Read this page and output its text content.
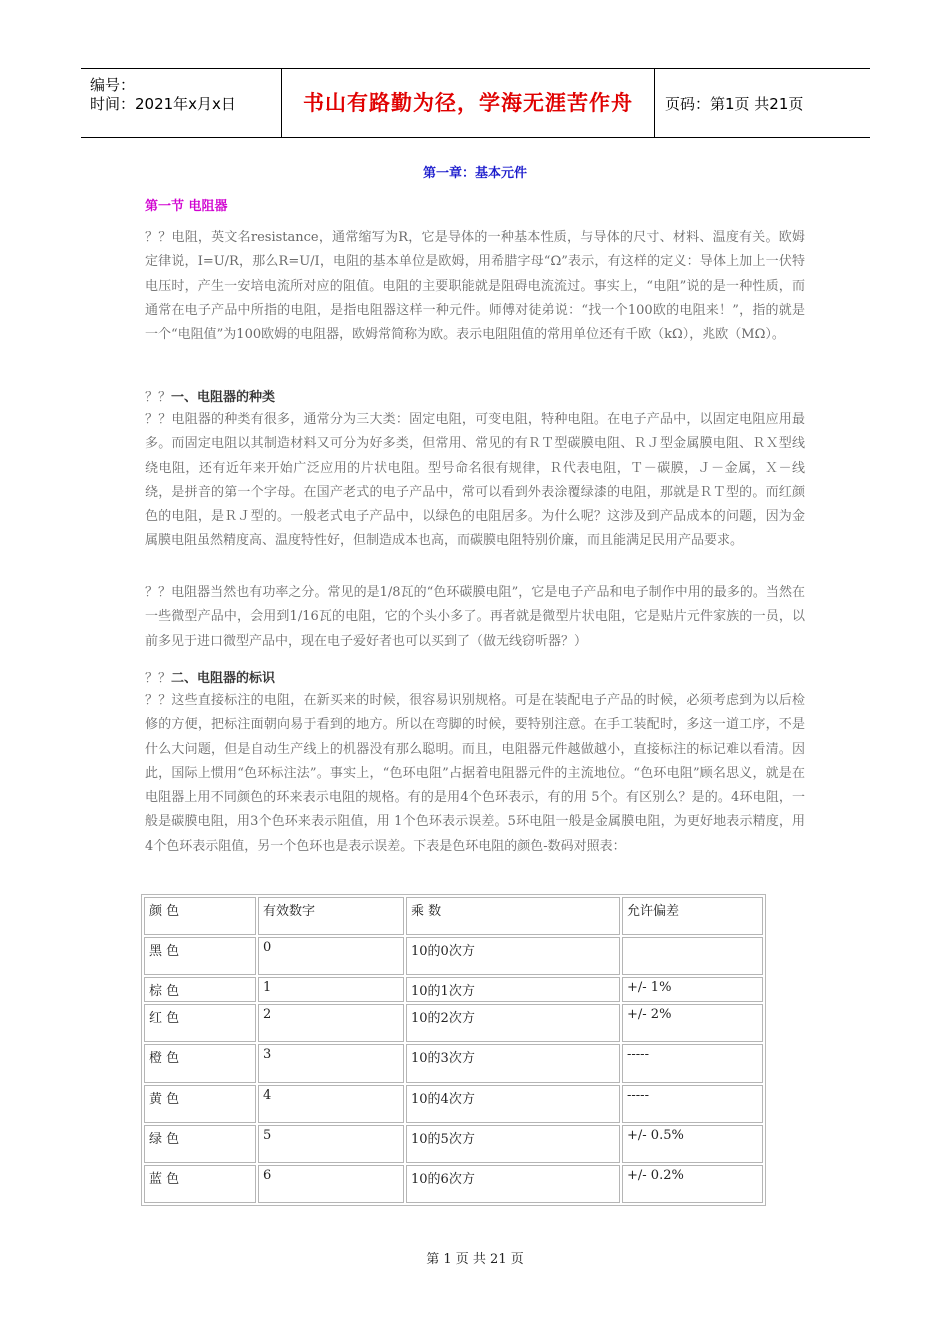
编号：
时间：2021年x月x日	书山有路勤为径，学海无涯苦作舟	页码：第1页 共21页
第一章：基本元件
第一节 电阻器

？？电阻，英文名resistance，通常缩写为R，它是导体的一种基本性质，与导体的尺寸、材料、温度有关。欧姆定律说，I=U/R，那么R=U/I，电阻的基本单位是欧姆，用希腊字母“Ω”表示，有这样的定义：导体上加上一伏特电压时，产生一安培电流所对应的阻值。电阻的主要职能就是阻碍电流流过。事实上，“电阻”说的是一种性质，而通常在电子产品中所指的电阻，是指电阻器这样一种元件。师傅对徒弟说：“找一个100欧的电阻来！”，指的就是一个“电阻值”为100欧姆的电阻器，欧姆常简称为欧。表示电阻阻值的常用单位还有千欧（kΩ），兆欧（MΩ）。

？？一、电阻器的种类

？？电阻器的种类有很多，通常分为三大类：固定电阻，可变电阻，特种电阻。在电子产品中，以固定电阻应用最多。而固定电阻以其制造材料又可分为好多类，但常用、常见的有ＲＴ型碳膜电阻、ＲＪ型金属膜电阻、ＲＸ型线绕电阻，还有近年来开始广泛应用的片状电阻。型号命名很有规律，Ｒ代表电阻，Ｔ－碳膜，Ｊ－金属，Ｘ－线绕，是拼音的第一个字母。在国产老式的电子产品中，常可以看到外表涂覆绿漆的电阻，那就是ＲＴ型的。而红颜色的电阻，是ＲＪ型的。一般老式电子产品中，以绿色的电阻居多。为什么呢？这涉及到产品成本的问题，因为金属膜电阻虽然精度高、温度特性好，但制造成本也高，而碳膜电阻特别价廉，而且能满足民用产品要求。

？？电阻器当然也有功率之分。常见的是1/8瓦的“色环碳膜电阻”，它是电子产品和电子制作中用的最多的。当然在一些微型产品中，会用到1/16瓦的电阻，它的个头小多了。再者就是微型片状电阻，它是贴片元件家族的一员，以前多见于进口微型产品中，现在电子爱好者也可以买到了（做无线窃听器？）

？？二、电阻器的标识

？？这些直接标注的电阻，在新买来的时候，很容易识别规格。可是在装配电子产品的时候，必须考虑到为以后检修的方便，把标注面朝向易于看到的地方。所以在弯脚的时候，要特别注意。在手工装配时，多这一道工序，不是什么大问题，但是自动生产线上的机器没有那么聪明。而且，电阻器元件越做越小，直接标注的标记难以看清。因此，国际上惯用“色环标注法”。事实上，“色环电阻”占据着电阻器元件的主流地位。“色环电阻”顾名思义，就是在电阻器上用不同颜色的环来表示电阻的规格。有的是用4个色环表示，有的用 5个。有区别么？是的。4环电阻，一般是碳膜电阻，用3个色环来表示阻值，用 1个色环表示误差。5环电阻一般是金属膜电阻，为更好地表示精度，用4个色环表示阻值，另一个色环也是表示误差。下表是色环电阻的颜色-数码对照表：

颜 色	有效数字	乘 数	允许偏差
黑 色	0	10的0次方	
棕 色	1	10的1次方	+/- 1%
红 色	2	10的2次方	+/- 2%
橙 色	3	10的3次方	-----
黄 色	4	10的4次方	-----
绿 色	5	10的5次方	+/- 0.5%
蓝 色	6	10的6次方	+/- 0.2%
第 1 页 共 21 页
